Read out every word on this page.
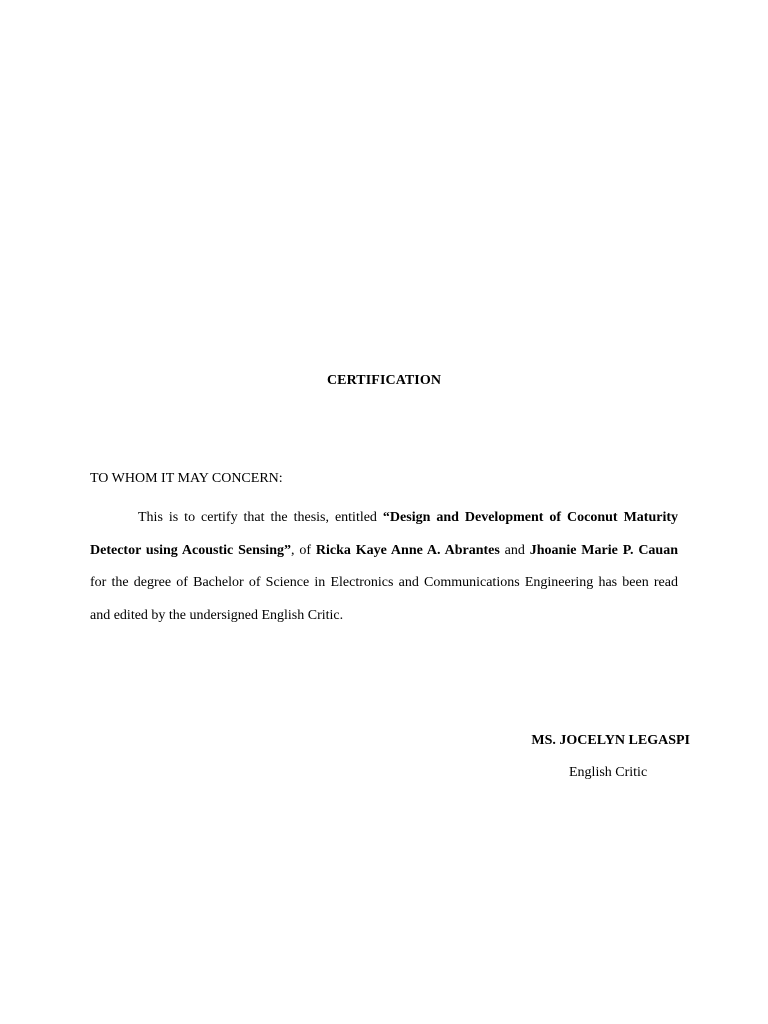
CERTIFICATION
TO WHOM IT MAY CONCERN:

This is to certify that the thesis, entitled “Design and Development of Coconut Maturity Detector using Acoustic Sensing”, of Ricka Kaye Anne A. Abrantes and Jhoanie Marie P. Cauan for the degree of Bachelor of Science in Electronics and Communications Engineering has been read and edited by the undersigned English Critic.

MS. JOCELYN LEGASPI
English Critic
